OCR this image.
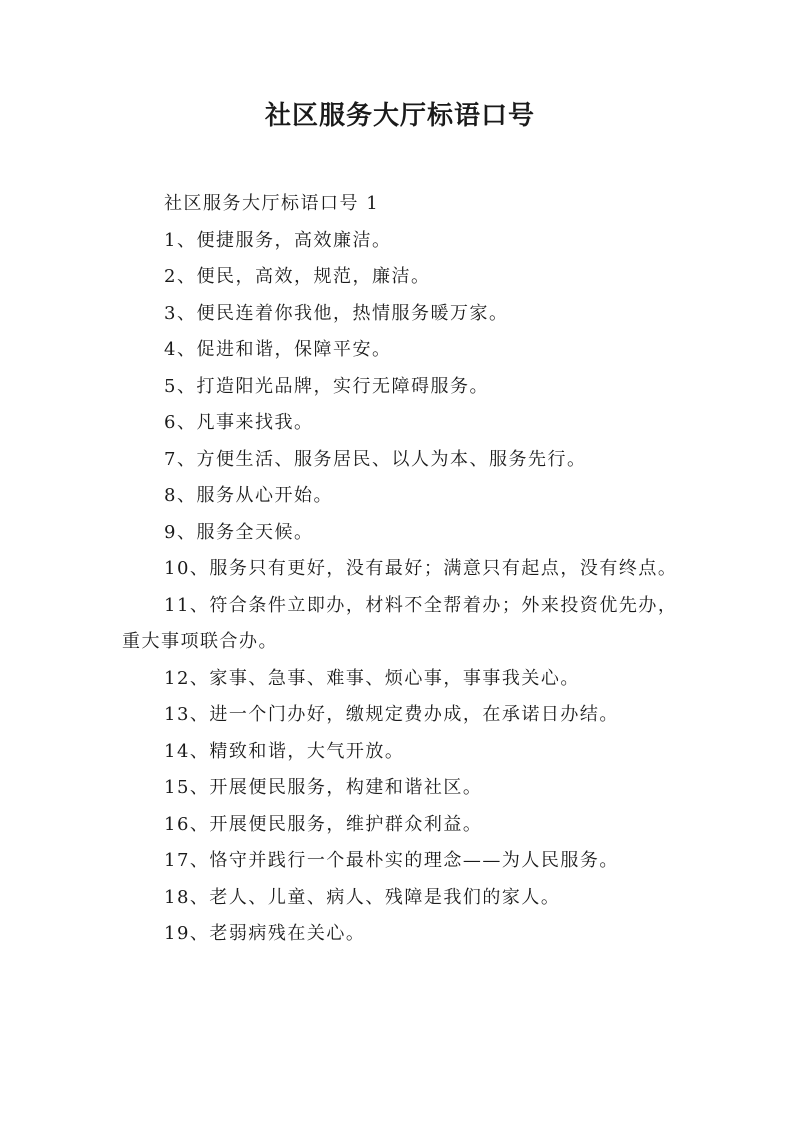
社区服务大厅标语口号

社区服务大厅标语口号 1

1、便捷服务，高效廉洁。

2、便民，高效，规范，廉洁。

3、便民连着你我他，热情服务暖万家。

4、促进和谐，保障平安。

5、打造阳光品牌，实行无障碍服务。

6、凡事来找我。

7、方便生活、服务居民、以人为本、服务先行。

8、服务从心开始。

9、服务全天候。

10、服务只有更好，没有最好；满意只有起点，没有终点。

11、符合条件立即办，材料不全帮着办；外来投资优先办，重大事项联合办。

12、家事、急事、难事、烦心事，事事我关心。

13、进一个门办好，缴规定费办成，在承诺日办结。

14、精致和谐，大气开放。

15、开展便民服务，构建和谐社区。

16、开展便民服务，维护群众利益。

17、恪守并践行一个最朴实的理念——为人民服务。

18、老人、儿童、病人、残障是我们的家人。

19、老弱病残在关心。
